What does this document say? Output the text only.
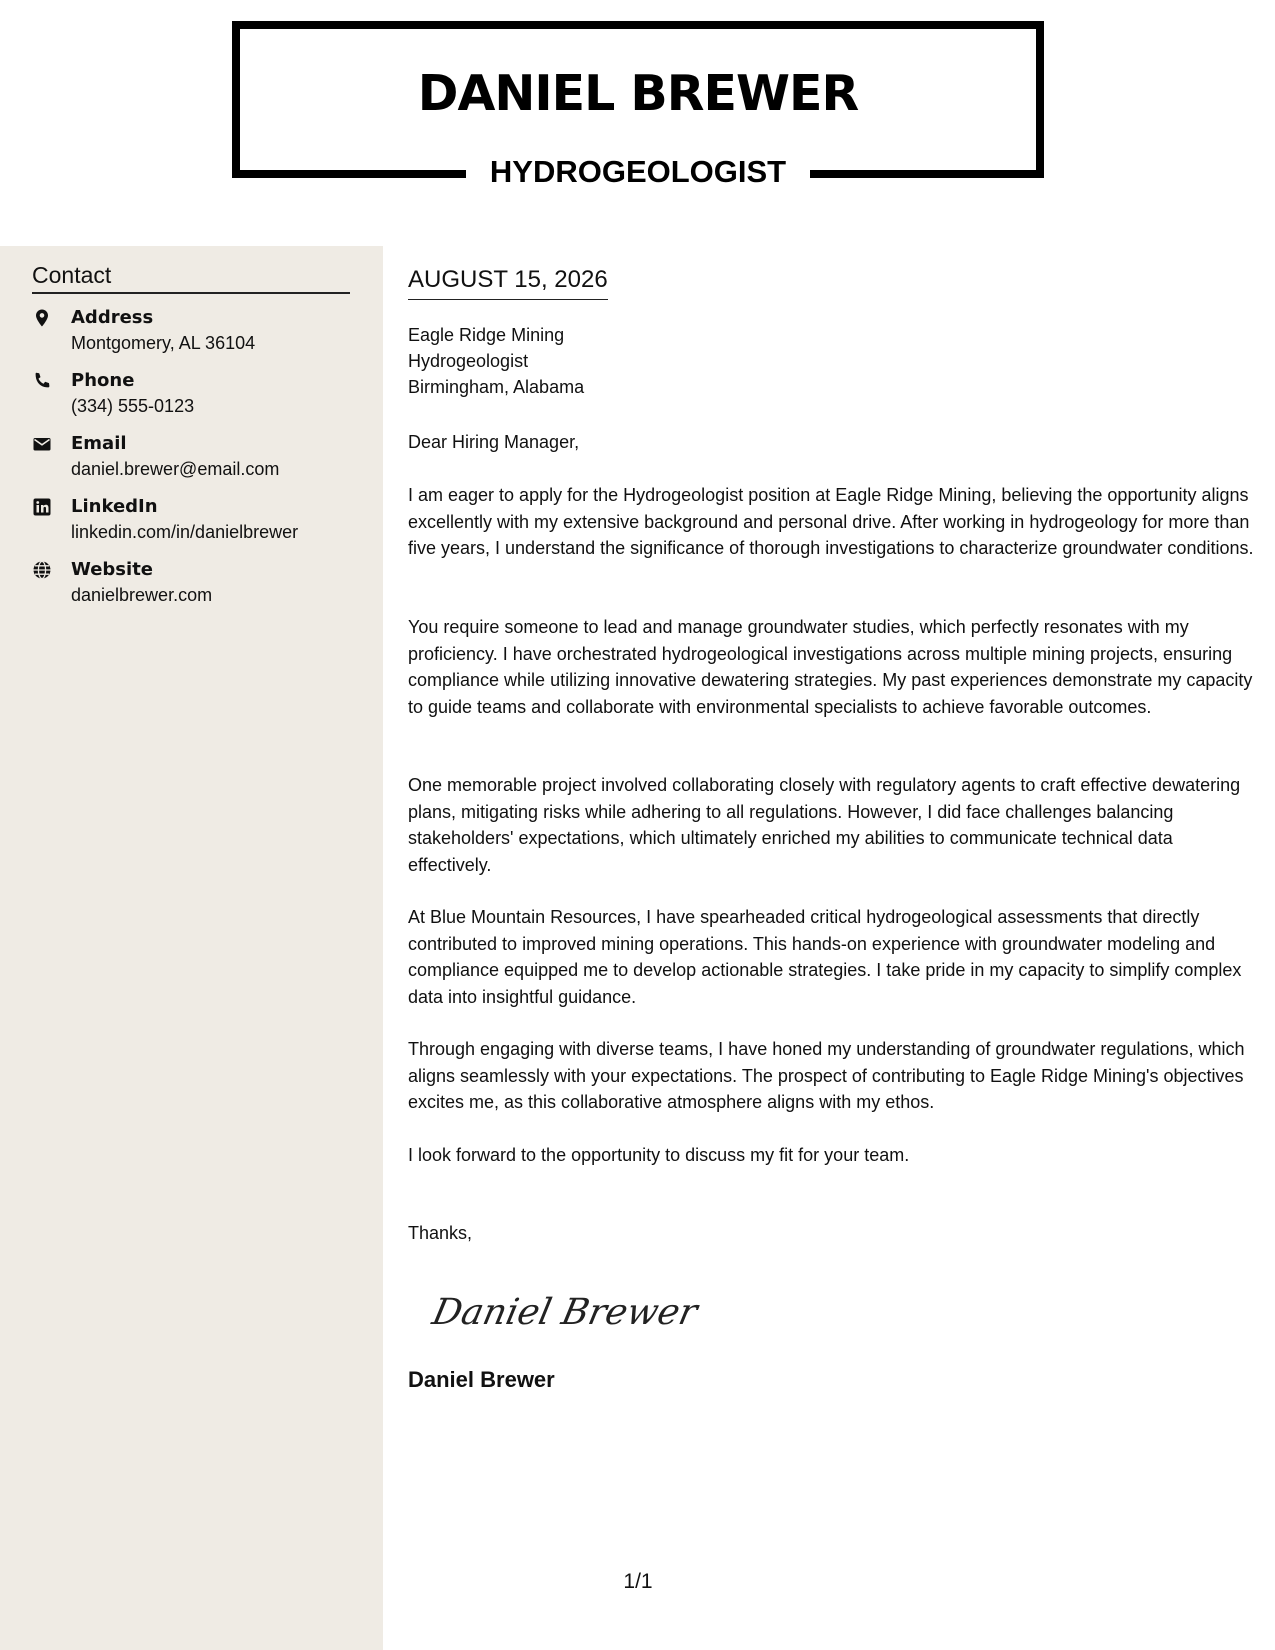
DANIEL BREWER
HYDROGEOLOGIST
Contact
Address
Montgomery, AL 36104
Phone
(334) 555-0123
Email
daniel.brewer@email.com
LinkedIn
linkedin.com/in/danielbrewer
Website
danielbrewer.com
AUGUST 15, 2026
Eagle Ridge Mining
Hydrogeologist
Birmingham, Alabama
Dear Hiring Manager,
I am eager to apply for the Hydrogeologist position at Eagle Ridge Mining, believing the opportunity aligns excellently with my extensive background and personal drive. After working in hydrogeology for more than five years, I understand the significance of thorough investigations to characterize groundwater conditions.
You require someone to lead and manage groundwater studies, which perfectly resonates with my proficiency. I have orchestrated hydrogeological investigations across multiple mining projects, ensuring compliance while utilizing innovative dewatering strategies. My past experiences demonstrate my capacity to guide teams and collaborate with environmental specialists to achieve favorable outcomes.
One memorable project involved collaborating closely with regulatory agents to craft effective dewatering plans, mitigating risks while adhering to all regulations. However, I did face challenges balancing stakeholders' expectations, which ultimately enriched my abilities to communicate technical data effectively.
At Blue Mountain Resources, I have spearheaded critical hydrogeological assessments that directly contributed to improved mining operations. This hands-on experience with groundwater modeling and compliance equipped me to develop actionable strategies. I take pride in my capacity to simplify complex data into insightful guidance.
Through engaging with diverse teams, I have honed my understanding of groundwater regulations, which aligns seamlessly with your expectations. The prospect of contributing to Eagle Ridge Mining's objectives excites me, as this collaborative atmosphere aligns with my ethos.
I look forward to the opportunity to discuss my fit for your team.
Thanks,
Daniel Brewer
Daniel Brewer
1/1
